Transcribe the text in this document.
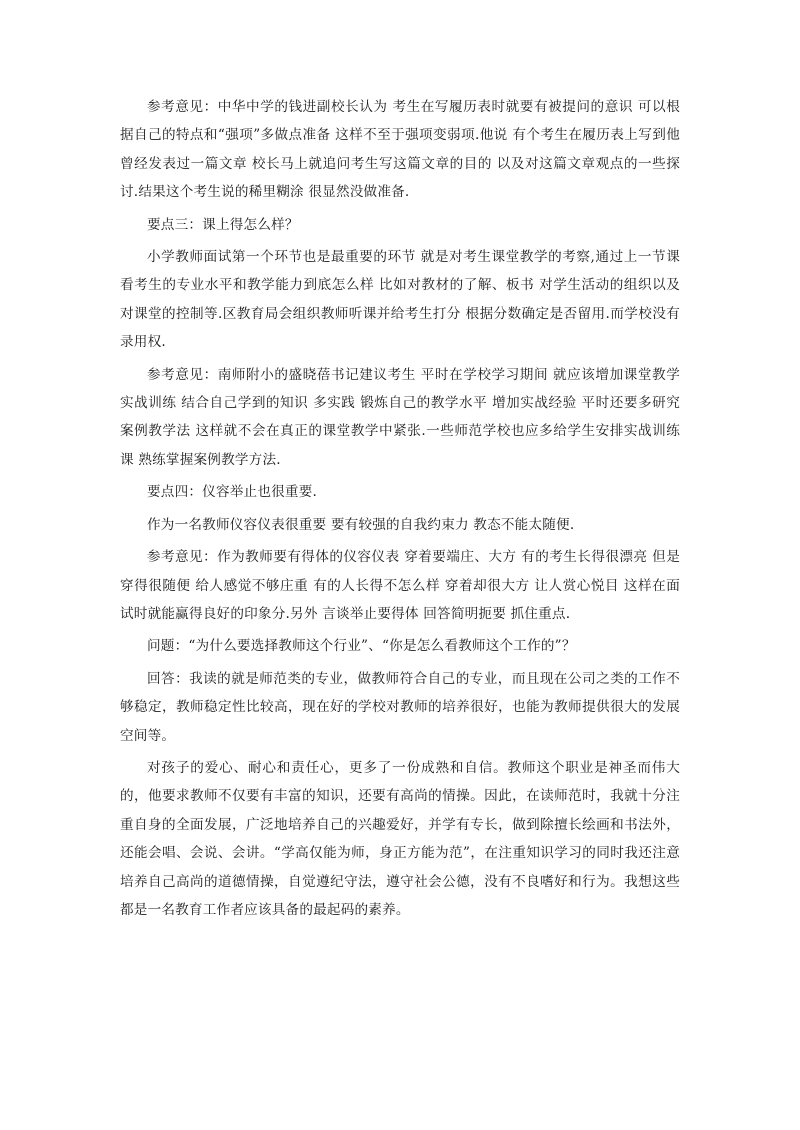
参考意见：中华中学的钱进副校长认为 考生在写履历表时就要有被提问的意识 可以根据自己的特点和“强项”多做点准备 这样不至于强项变弱项.他说 有个考生在履历表上写到他曾经发表过一篇文章 校长马上就追问考生写这篇文章的目的 以及对这篇文章观点的一些探讨.结果这个考生说的稀里糊涂 很显然没做准备.

要点三：课上得怎么样？

小学教师面试第一个环节也是最重要的环节 就是对考生课堂教学的考察,通过上一节课看考生的专业水平和教学能力到底怎么样 比如对教材的了解、板书 对学生活动的组织以及对课堂的控制等.区教育局会组织教师听课并给考生打分 根据分数确定是否留用.而学校没有录用权.

参考意见：南师附小的盛晓蓓书记建议考生 平时在学校学习期间 就应该增加课堂教学实战训练 结合自己学到的知识 多实践 锻炼自己的教学水平 增加实战经验 平时还要多研究案例教学法 这样就不会在真正的课堂教学中紧张.一些师范学校也应多给学生安排实战训练课 熟练掌握案例教学方法.

要点四：仪容举止也很重要.

作为一名教师仪容仪表很重要 要有较强的自我约束力 教态不能太随便.

参考意见：作为教师要有得体的仪容仪表 穿着要端庄、大方 有的考生长得很漂亮 但是穿得很随便 给人感觉不够庄重 有的人长得不怎么样 穿着却很大方 让人赏心悦目 这样在面试时就能赢得良好的印象分.另外 言谈举止要得体 回答简明扼要 抓住重点.

问题：“为什么要选择教师这个行业”、“你是怎么看教师这个工作的”？

回答：我读的就是师范类的专业，做教师符合自己的专业，而且现在公司之类的工作不够稳定，教师稳定性比较高，现在好的学校对教师的培养很好，也能为教师提供很大的发展空间等。

对孩子的爱心、耐心和责任心，更多了一份成熟和自信。教师这个职业是神圣而伟大的，他要求教师不仅要有丰富的知识，还要有高尚的情操。因此，在读师范时，我就十分注重自身的全面发展，广泛地培养自己的兴趣爱好，并学有专长，做到除擅长绘画和书法外，还能会唱、会说、会讲。“学高仅能为师，身正方能为范”，在注重知识学习的同时我还注意培养自己高尚的道德情操，自觉遵纪守法，遵守社会公德，没有不良嗜好和行为。我想这些都是一名教育工作者应该具备的最起码的素养。
